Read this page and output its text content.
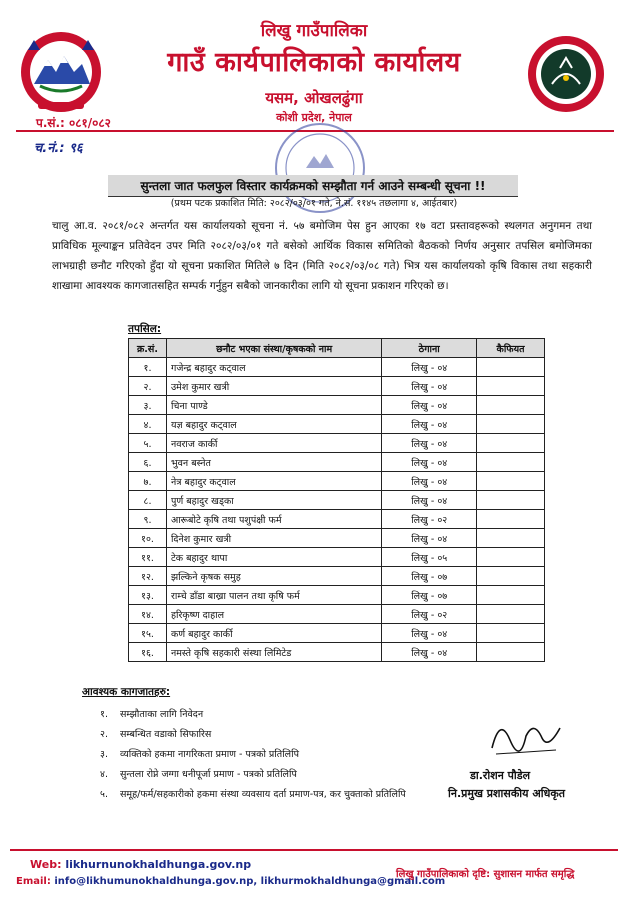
लिखु गाउँपालिका
गाउँ कार्यपालिकाको कार्यालय
यसम, ओखलढुंगा
कोशी प्रदेश, नेपाल
प.सं.: ०८१/०८२
च.नं.: ९६
सुन्तला जात फलफुल विस्तार कार्यक्रमको सम्झौता गर्न आउने सम्बन्धी सूचना !!
(प्रथम पटक प्रकाशित मिति: २०८२/०३/०१ गते, ने.सं. ११४५ तछलागा ४, आईतबार)
चालु आ.व. २०८१/०८२ अन्तर्गत यस कार्यालयको सूचना नं. ५७ बमोजिम पेस हुन आएका १७ वटा प्रस्तावहरूको स्थलगत अनुगमन तथा प्राविधिक मूल्याङ्कन प्रतिवेदन उपर मिति २०८२/०३/०१ गते बसेको आर्थिक विकास समितिको बैठकको निर्णय अनुसार तपसिल बमोजिमका लाभग्राही छनौट गरिएको हुँदा यो सूचना प्रकाशित मितिले ७ दिन (मिति २०८२/०३/०८ गते) भित्र यस कार्यालयको कृषि विकास तथा सहकारी शाखामा आवश्यक कागजातसहित सम्पर्क गर्नुहुन सबैको जानकारीका लागि यो सूचना प्रकाशन गरिएको छ।
तपसिल:
क्र.सं.	छनौट भएका संस्था/कृषकको नाम	ठेगाना	कैफियत
१.	गजेन्द्र बहादुर कट्वाल	लिखु - ०४	
२.	उमेश कुमार खत्री	लिखु - ०४	
३.	चिना पाण्डे	लिखु - ०४	
४.	यज्ञ बहादुर कट्वाल	लिखु - ०४	
५.	नवराज कार्की	लिखु - ०४	
६.	भुवन बस्नेत	लिखु - ०४	
७.	नेत्र बहादुर कट्वाल	लिखु - ०४	
८.	पुर्ण बहादुर खड्का	लिखु - ०४	
९.	आरूबोटे कृषि तथा पशुपंक्षी फर्म	लिखु - ०२	
१०.	दिनेश कुमार खत्री	लिखु - ०४	
११.	टेक बहादुर थापा	लिखु - ०५	
१२.	झल्किने कृषक समुह	लिखु - ०७	
१३.	राम्चे डाँडा बाख्रा पालन तथा कृषि फर्म	लिखु - ०७	
१४.	हरिकृष्ण दाहाल	लिखु - ०२	
१५.	कर्ण बहादुर कार्की	लिखु - ०४	
१६.	नमस्ते कृषि सहकारी संस्था लिमिटेड	लिखु - ०४	
आवश्यक कागजातहरु:
१. सम्झौताका लागि निवेदन
२. सम्बन्धित वडाको सिफारिस
३. व्यक्तिको हकमा नागरिकता प्रमाण - पत्रको प्रतिलिपि
४. सुन्तला रोप्ने जग्गा धनीपूर्जा प्रमाण - पत्रको प्रतिलिपि
५. समूह/फर्म/सहकारीको हकमा संस्था व्यवसाय दर्ता प्रमाण-पत्र, कर चुक्ताको प्रतिलिपि
डा.रोशन पौडेल
नि.प्रमुख प्रशासकीय अधिकृत
Web: likhurnunokhaldhunga.gov.np
Email: info@likhumunokhaldhunga.gov.np, likhurmokhaldhunga@gmail.com
लिखु गाउँपालिकाको दृष्टि: सुशासन मार्फत समृद्धि
